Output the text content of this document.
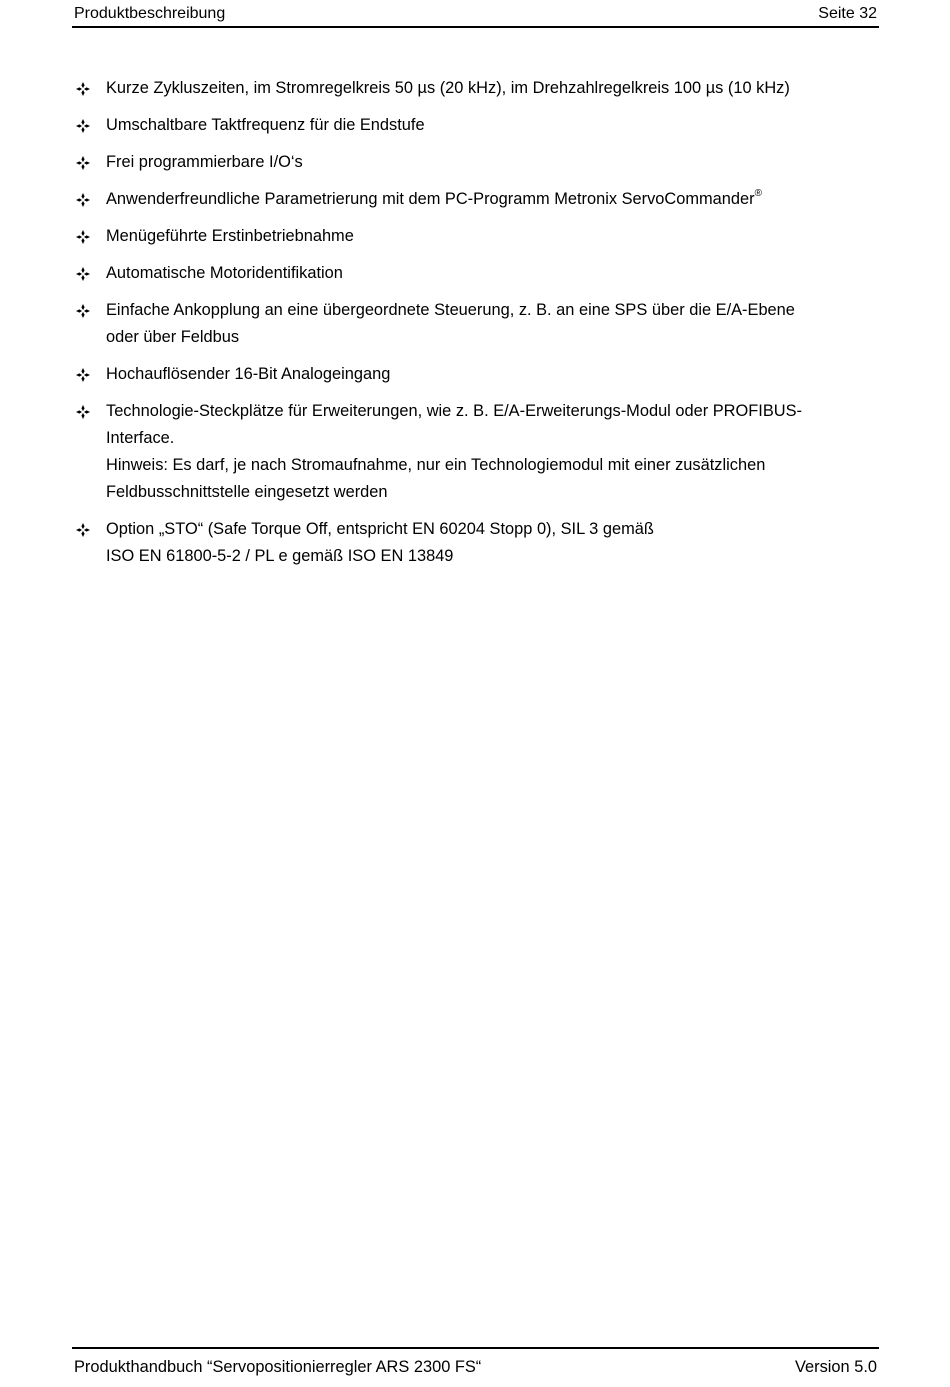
Produktbeschreibung	Seite 32
Kurze Zykluszeiten, im Stromregelkreis 50 µs (20 kHz), im Drehzahlregelkreis 100 µs (10 kHz)
Umschaltbare Taktfrequenz für die Endstufe
Frei programmierbare I/O‘s
Anwenderfreundliche Parametrierung mit dem PC-Programm Metronix ServoCommander®
Menügeführte Erstinbetriebnahme
Automatische Motoridentifikation
Einfache Ankopplung an eine übergeordnete Steuerung, z. B. an eine SPS über die E/A-Ebene
oder über Feldbus
Hochauflösender 16-Bit Analogeingang
Technologie-Steckplätze für Erweiterungen, wie z. B. E/A-Erweiterungs-Modul oder PROFIBUS-
Interface.
Hinweis: Es darf, je nach Stromaufnahme, nur ein Technologiemodul mit einer zusätzlichen
Feldbusschnittstelle eingesetzt werden
Option „STO“ (Safe Torque Off, entspricht EN 60204 Stopp 0), SIL 3 gemäß
ISO EN 61800-5-2 / PL e gemäß ISO EN 13849
Produkthandbuch “Servopositionierregler ARS 2300 FS“	Version 5.0
